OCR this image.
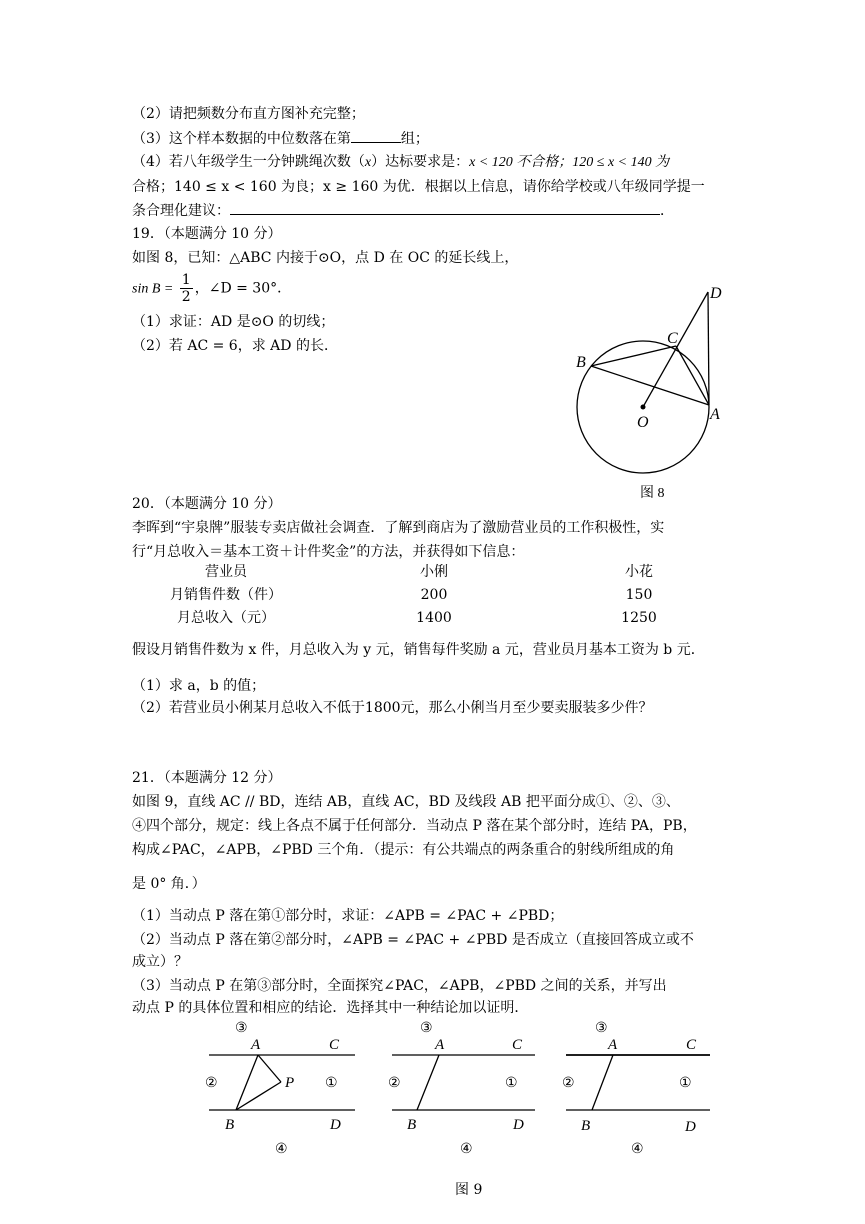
（2）请把频数分布直方图补充完整；
（3）这个样本数据的中位数落在第	组；
（4）若八年级学生一分钟跳绳次数（x）达标要求是：x < 120 不合格；120 ≤ x < 140 为
合格；140 ≤ x < 160 为良；x ≥ 160 为优．根据以上信息，请你给学校或八年级同学提一
条合理化建议：	．
19．（本题满分 10 分）
如图 8，已知：△ABC 内接于⊙O，点 D 在 OC 的延长线上，
$\sin B = \frac{1}{2}$ ，∠D = 30°．
（1）求证：AD 是⊙O 的切线；
（2）若 AC = 6，求 AD 的长．
D
C
B
O	A
图 8
20．（本题满分 10 分）
李晖到“宇泉牌”服装专卖店做社会调查．了解到商店为了激励营业员的工作积极性，实
行“月总收入＝基本工资＋计件奖金”的方法，并获得如下信息：
营业员	小俐	小花
月销售件数（件）	200	150
月总收入（元）	1400	1250
假设月销售件数为 x 件，月总收入为 y 元，销售每件奖励 a 元，营业员月基本工资为 b 元．
（1）求 a，b 的值；
（2）若营业员小俐某月总收入不低于1800元，那么小俐当月至少要卖服装多少件？
21．（本题满分 12 分）
如图 9，直线 AC // BD，连结 AB，直线 AC，BD 及线段 AB 把平面分成①、②、③、
④四个部分，规定：线上各点不属于任何部分．当动点 P 落在某个部分时，连结 PA，PB，
构成∠PAC，∠APB，∠PBD 三个角．（提示：有公共端点的两条重合的射线所组成的角
是 0° 角．）
（1）当动点 P 落在第①部分时，求证：∠APB = ∠PAC + ∠PBD；
（2）当动点 P 落在第②部分时，∠APB = ∠PAC + ∠PBD 是否成立（直接回答成立或不
成立）？
（3）当动点 P 在第③部分时，全面探究∠PAC，∠APB，∠PBD 之间的关系，并写出
动点 P 的具体位置和相应的结论．选择其中一种结论加以证明．
③
A	C
②	P ①
B	D
④
③
A	C
②	①
B	D
④
③
A	C
②	①
B	D
④
图 9
